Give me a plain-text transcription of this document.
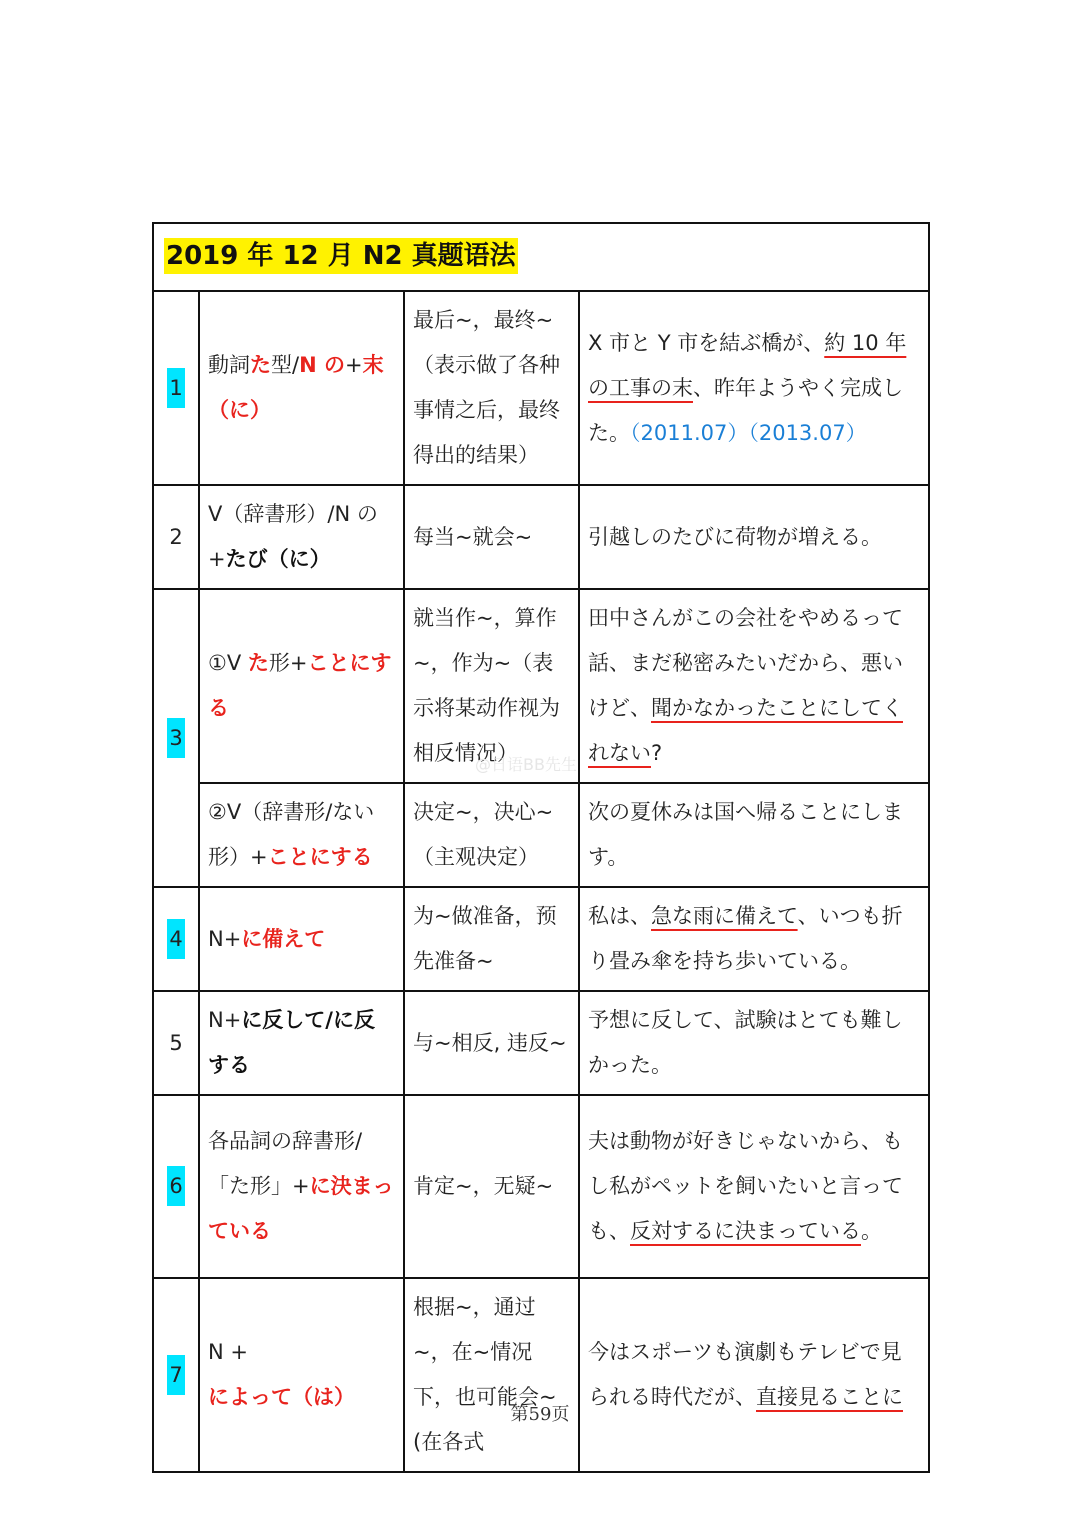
2019 年 12 月 N2 真题语法			
1	動詞た型/N の+末（に）	最后~，最终~（表示做了各种事情之后，最终得出的结果）	X 市と Y 市を結ぶ橋が、約 10 年の工事の末、昨年ようやく完成した。（2011.07）（2013.07）
2	V（辞書形）/N の+たび（に）	每当~就会~	引越しのたびに荷物が増える。
3	①V た形+ことにする	就当作~，算作~，作为~（表示将某动作视为相反情况）	田中さんがこの会社をやめるって話、まだ秘密みたいだから、悪いけど、聞かなかったことにしてくれない?
	②V（辞書形/ない形）+ことにする	决定~，决心~（主观决定）	次の夏休みは国へ帰ることにします。
4	N+に備えて	为~做准备，预先准备~	私は、急な雨に備えて、いつも折り畳み傘を持ち歩いている。
5	N+に反して/に反する	与~相反, 违反~	予想に反して、試験はとても難しかった。
6	各品詞の辞書形/「た形」+に決まっている	肯定~，无疑~	夫は動物が好きじゃないから、もし私がペットを飼いたいと言っても、反対するに決まっている。
7	N + によって（は）	根据~，通过~，在~情况下，也可能会~(在各式	今はスポーツも演劇もテレビで見られる時代だが、直接見ることに
@日语BB先生
第59页
